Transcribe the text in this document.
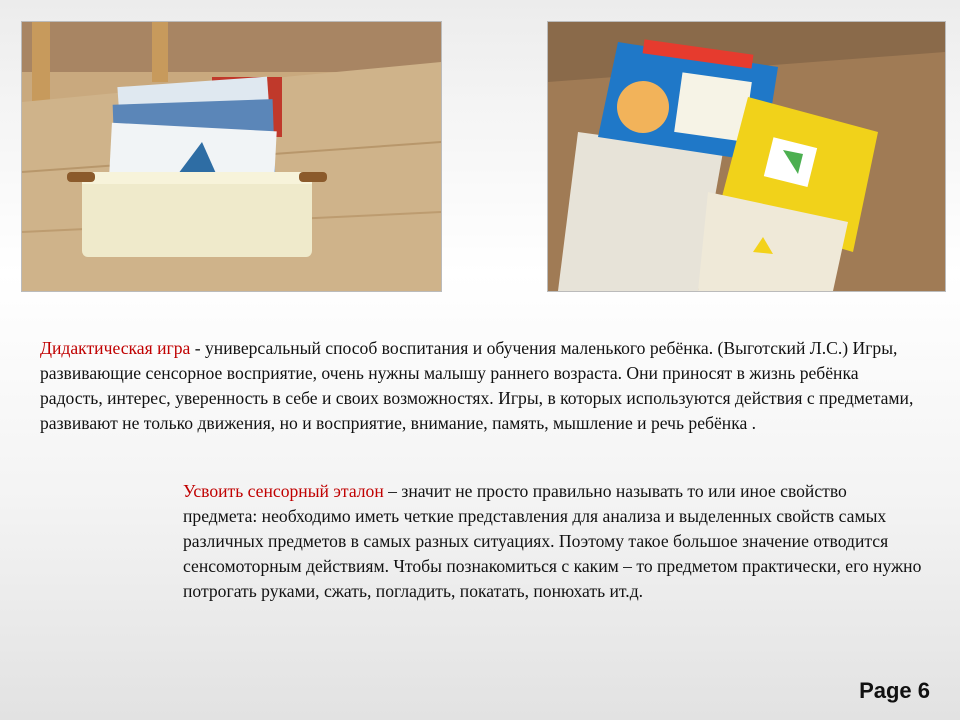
Дидактическая игра - универсальный способ воспитания и обучения маленького ребёнка. (Выготский Л.С.) Игры, развивающие сенсорное восприятие, очень нужны малышу раннего возраста. Они приносят в жизнь ребёнка радость, интерес, уверенность в себе и своих возможностях. Игры, в которых используются действия с предметами, развивают не только движения, но и восприятие, внимание, память, мышление и речь ребёнка .

Усвоить сенсорный эталон – значит не просто правильно называть то или иное свойство предмета: необходимо иметь четкие представления для анализа и выделенных свойств самых различных предметов в самых разных ситуациях. Поэтому такое большое значение отводится сенсомоторным действиям. Чтобы познакомиться с каким – то предметом практически, его нужно потрогать руками, сжать, погладить, покатать, понюхать ит.д.

Page 6
